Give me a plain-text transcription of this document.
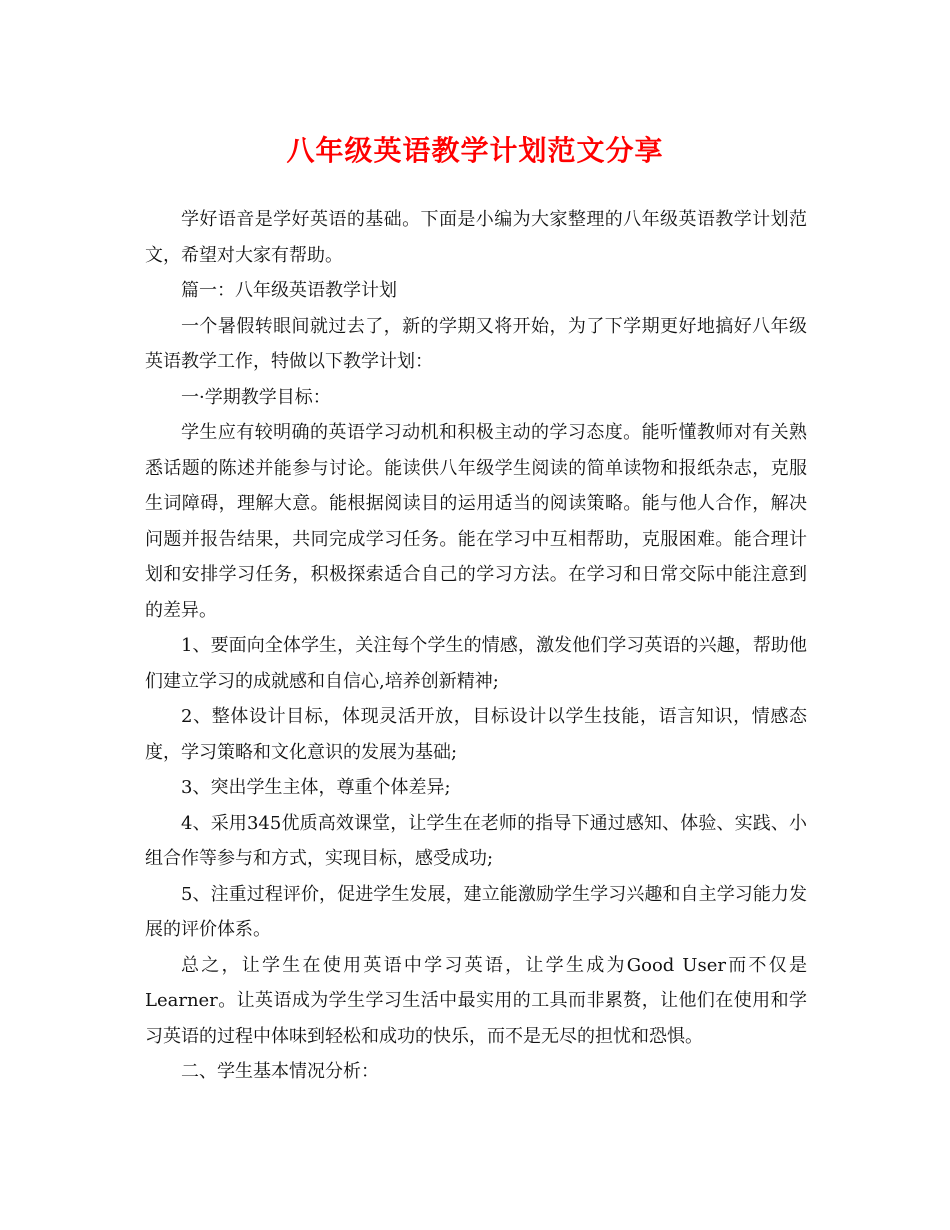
八年级英语教学计划范文分享

学好语音是学好英语的基础。下面是小编为大家整理的八年级英语教学计划范文，希望对大家有帮助。

篇一：八年级英语教学计划

一个暑假转眼间就过去了，新的学期又将开始，为了下学期更好地搞好八年级英语教学工作，特做以下教学计划：

一·学期教学目标：

学生应有较明确的英语学习动机和积极主动的学习态度。能听懂教师对有关熟悉话题的陈述并能参与讨论。能读供八年级学生阅读的简单读物和报纸杂志，克服生词障碍，理解大意。能根据阅读目的运用适当的阅读策略。能与他人合作，解决问题并报告结果，共同完成学习任务。能在学习中互相帮助，克服困难。能合理计划和安排学习任务，积极探索适合自己的学习方法。在学习和日常交际中能注意到的差异。

1、要面向全体学生，关注每个学生的情感，激发他们学习英语的兴趣，帮助他们建立学习的成就感和自信心,培养创新精神;

2、整体设计目标，体现灵活开放，目标设计以学生技能，语言知识，情感态度，学习策略和文化意识的发展为基础;

3、突出学生主体，尊重个体差异;

4、采用345优质高效课堂，让学生在老师的指导下通过感知、体验、实践、小组合作等参与和方式，实现目标，感受成功;

5、注重过程评价，促进学生发展，建立能激励学生学习兴趣和自主学习能力发展的评价体系。

总之，让学生在使用英语中学习英语，让学生成为Good User而不仅是Learner。让英语成为学生学习生活中最实用的工具而非累赘，让他们在使用和学习英语的过程中体味到轻松和成功的快乐，而不是无尽的担忧和恐惧。

二、学生基本情况分析：
